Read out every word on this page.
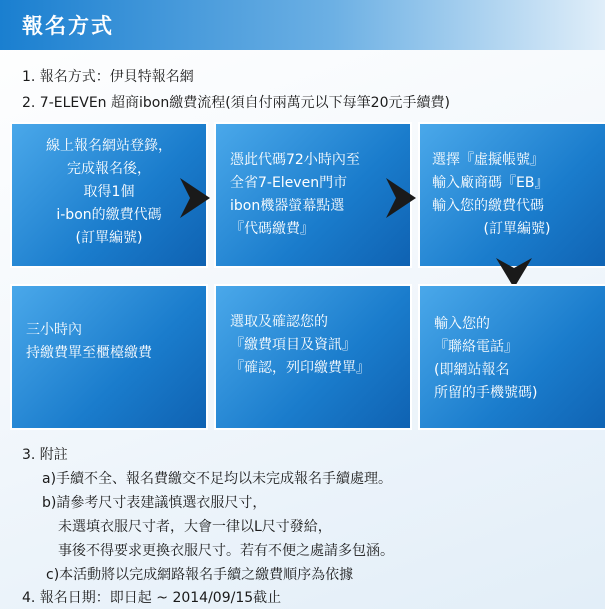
報名方式
1. 報名方式：伊貝特報名網
2. 7-ELEVEn 超商ibon繳費流程(須自付兩萬元以下每筆20元手續費)
線上報名網站登錄，
完成報名後，
取得1個
i-bon的繳費代碼
(訂單編號)
憑此代碼72小時內至
全省7-Eleven門市
ibon機器螢幕點選
『代碼繳費』
選擇『虛擬帳號』
輸入廠商碼『EB』
輸入您的繳費代碼
(訂單編號)
輸入您的
『聯絡電話』
(即網站報名
所留的手機號碼)
選取及確認您的
『繳費項目及資訊』
『確認，列印繳費單』
三小時內
持繳費單至櫃檯繳費
3. 附註
a)手續不全、報名費繳交不足均以未完成報名手續處理。
b)請參考尺寸表建議慎選衣服尺寸，
未選填衣服尺寸者，大會一律以L尺寸發給，
事後不得要求更換衣服尺寸。若有不便之處請多包涵。
c)本活動將以完成網路報名手續之繳費順序為依據
4. 報名日期：即日起 ~ 2014/09/15截止
